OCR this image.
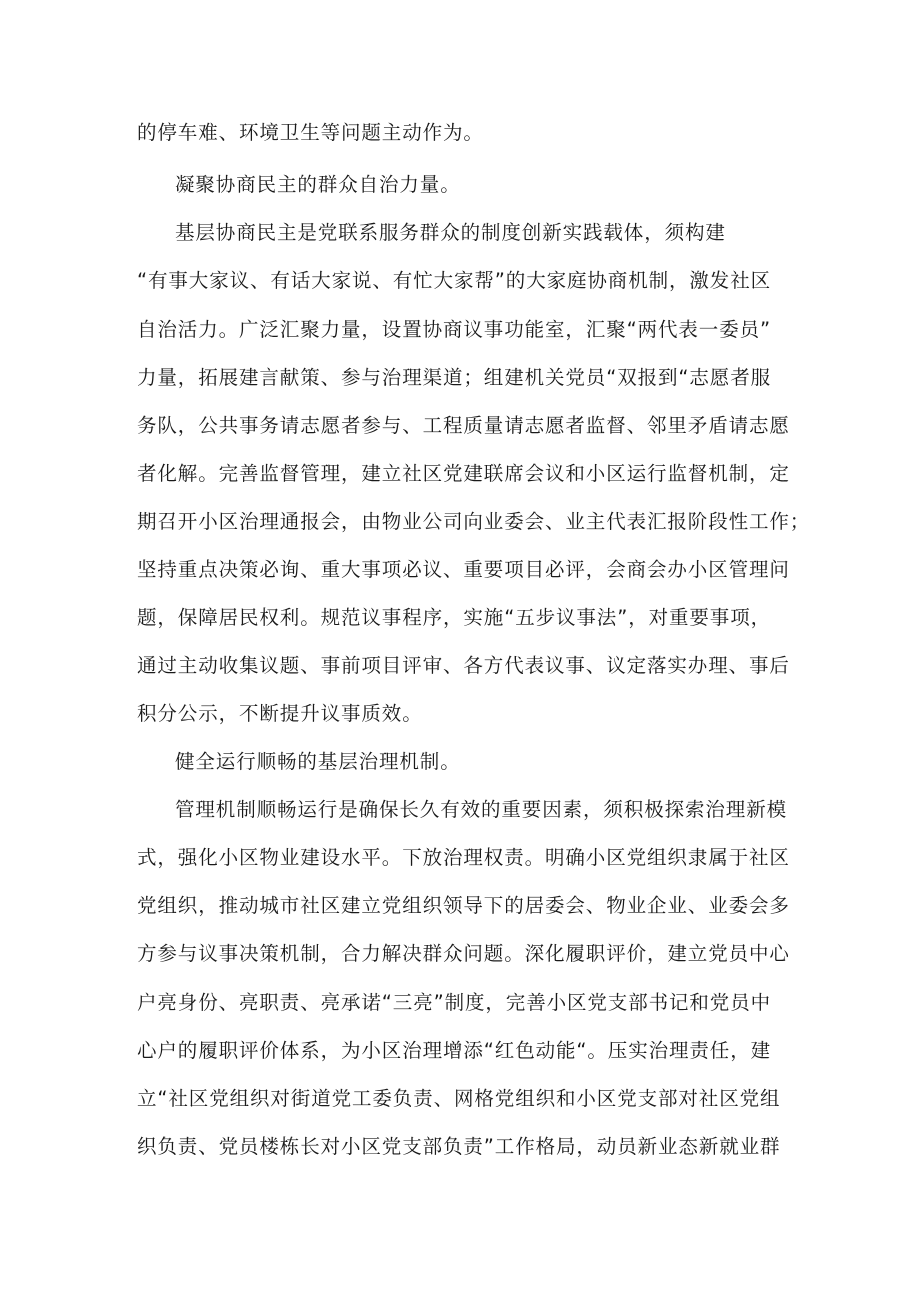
的停车难、环境卫生等问题主动作为。
凝聚协商民主的群众自治力量。
基层协商民主是党联系服务群众的制度创新实践载体，须构建
“有事大家议、有话大家说、有忙大家帮”的大家庭协商机制，激发社区
自治活力。广泛汇聚力量，设置协商议事功能室，汇聚“两代表一委员”
力量，拓展建言献策、参与治理渠道；组建机关党员“双报到“志愿者服
务队，公共事务请志愿者参与、工程质量请志愿者监督、邻里矛盾请志愿
者化解。完善监督管理，建立社区党建联席会议和小区运行监督机制，定
期召开小区治理通报会，由物业公司向业委会、业主代表汇报阶段性工作；
坚持重点决策必询、重大事项必议、重要项目必评，会商会办小区管理问
题，保障居民权利。规范议事程序，实施“五步议事法”，对重要事项，
通过主动收集议题、事前项目评审、各方代表议事、议定落实办理、事后
积分公示，不断提升议事质效。
健全运行顺畅的基层治理机制。
管理机制顺畅运行是确保长久有效的重要因素，须积极探索治理新模
式，强化小区物业建设水平。下放治理权责。明确小区党组织隶属于社区
党组织，推动城市社区建立党组织领导下的居委会、物业企业、业委会多
方参与议事决策机制，合力解决群众问题。深化履职评价，建立党员中心
户亮身份、亮职责、亮承诺“三亮”制度，完善小区党支部书记和党员中
心户的履职评价体系，为小区治理增添“红色动能“。压实治理责任，建
立“社区党组织对街道党工委负责、网格党组织和小区党支部对社区党组
织负责、党员楼栋长对小区党支部负责”工作格局，动员新业态新就业群
